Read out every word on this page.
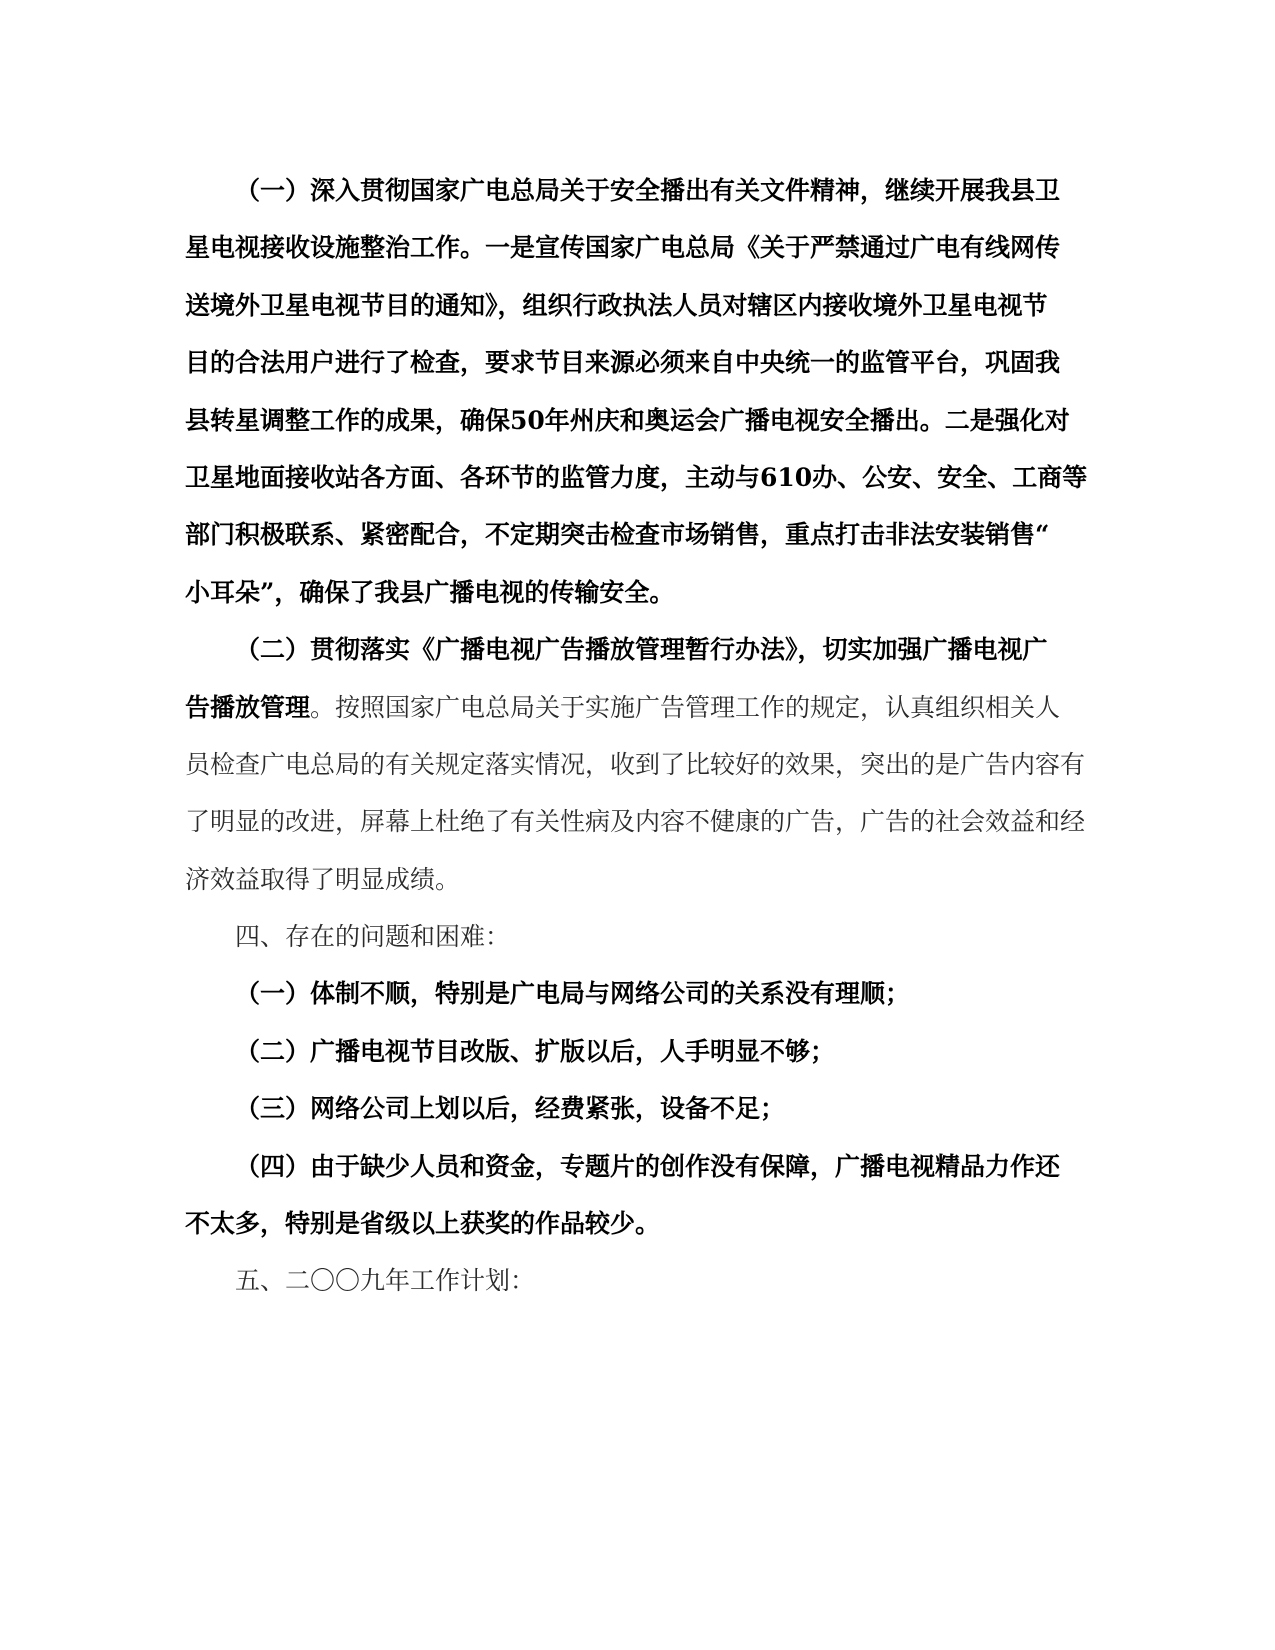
（一）深入贯彻国家广电总局关于安全播出有关文件精神，继续开展我县卫
星电视接收设施整治工作。一是宣传国家广电总局《关于严禁通过广电有线网传
送境外卫星电视节目的通知》，组织行政执法人员对辖区内接收境外卫星电视节
目的合法用户进行了检查，要求节目来源必须来自中央统一的监管平台，巩固我
县转星调整工作的成果，确保50年州庆和奥运会广播电视安全播出。二是强化对
卫星地面接收站各方面、各环节的监管力度，主动与610办、公安、安全、工商等
部门积极联系、紧密配合，不定期突击检查市场销售，重点打击非法安装销售“
小耳朵”，确保了我县广播电视的传输安全。
（二）贯彻落实《广播电视广告播放管理暂行办法》，切实加强广播电视广
告播放管理。按照国家广电总局关于实施广告管理工作的规定，认真组织相关人
员检查广电总局的有关规定落实情况，收到了比较好的效果，突出的是广告内容有
了明显的改进，屏幕上杜绝了有关性病及内容不健康的广告，广告的社会效益和经
济效益取得了明显成绩。
四、存在的问题和困难：
（一）体制不顺，特别是广电局与网络公司的关系没有理顺；
（二）广播电视节目改版、扩版以后，人手明显不够；
（三）网络公司上划以后，经费紧张，设备不足；
（四）由于缺少人员和资金，专题片的创作没有保障，广播电视精品力作还
不太多，特别是省级以上获奖的作品较少。
五、二〇〇九年工作计划：
